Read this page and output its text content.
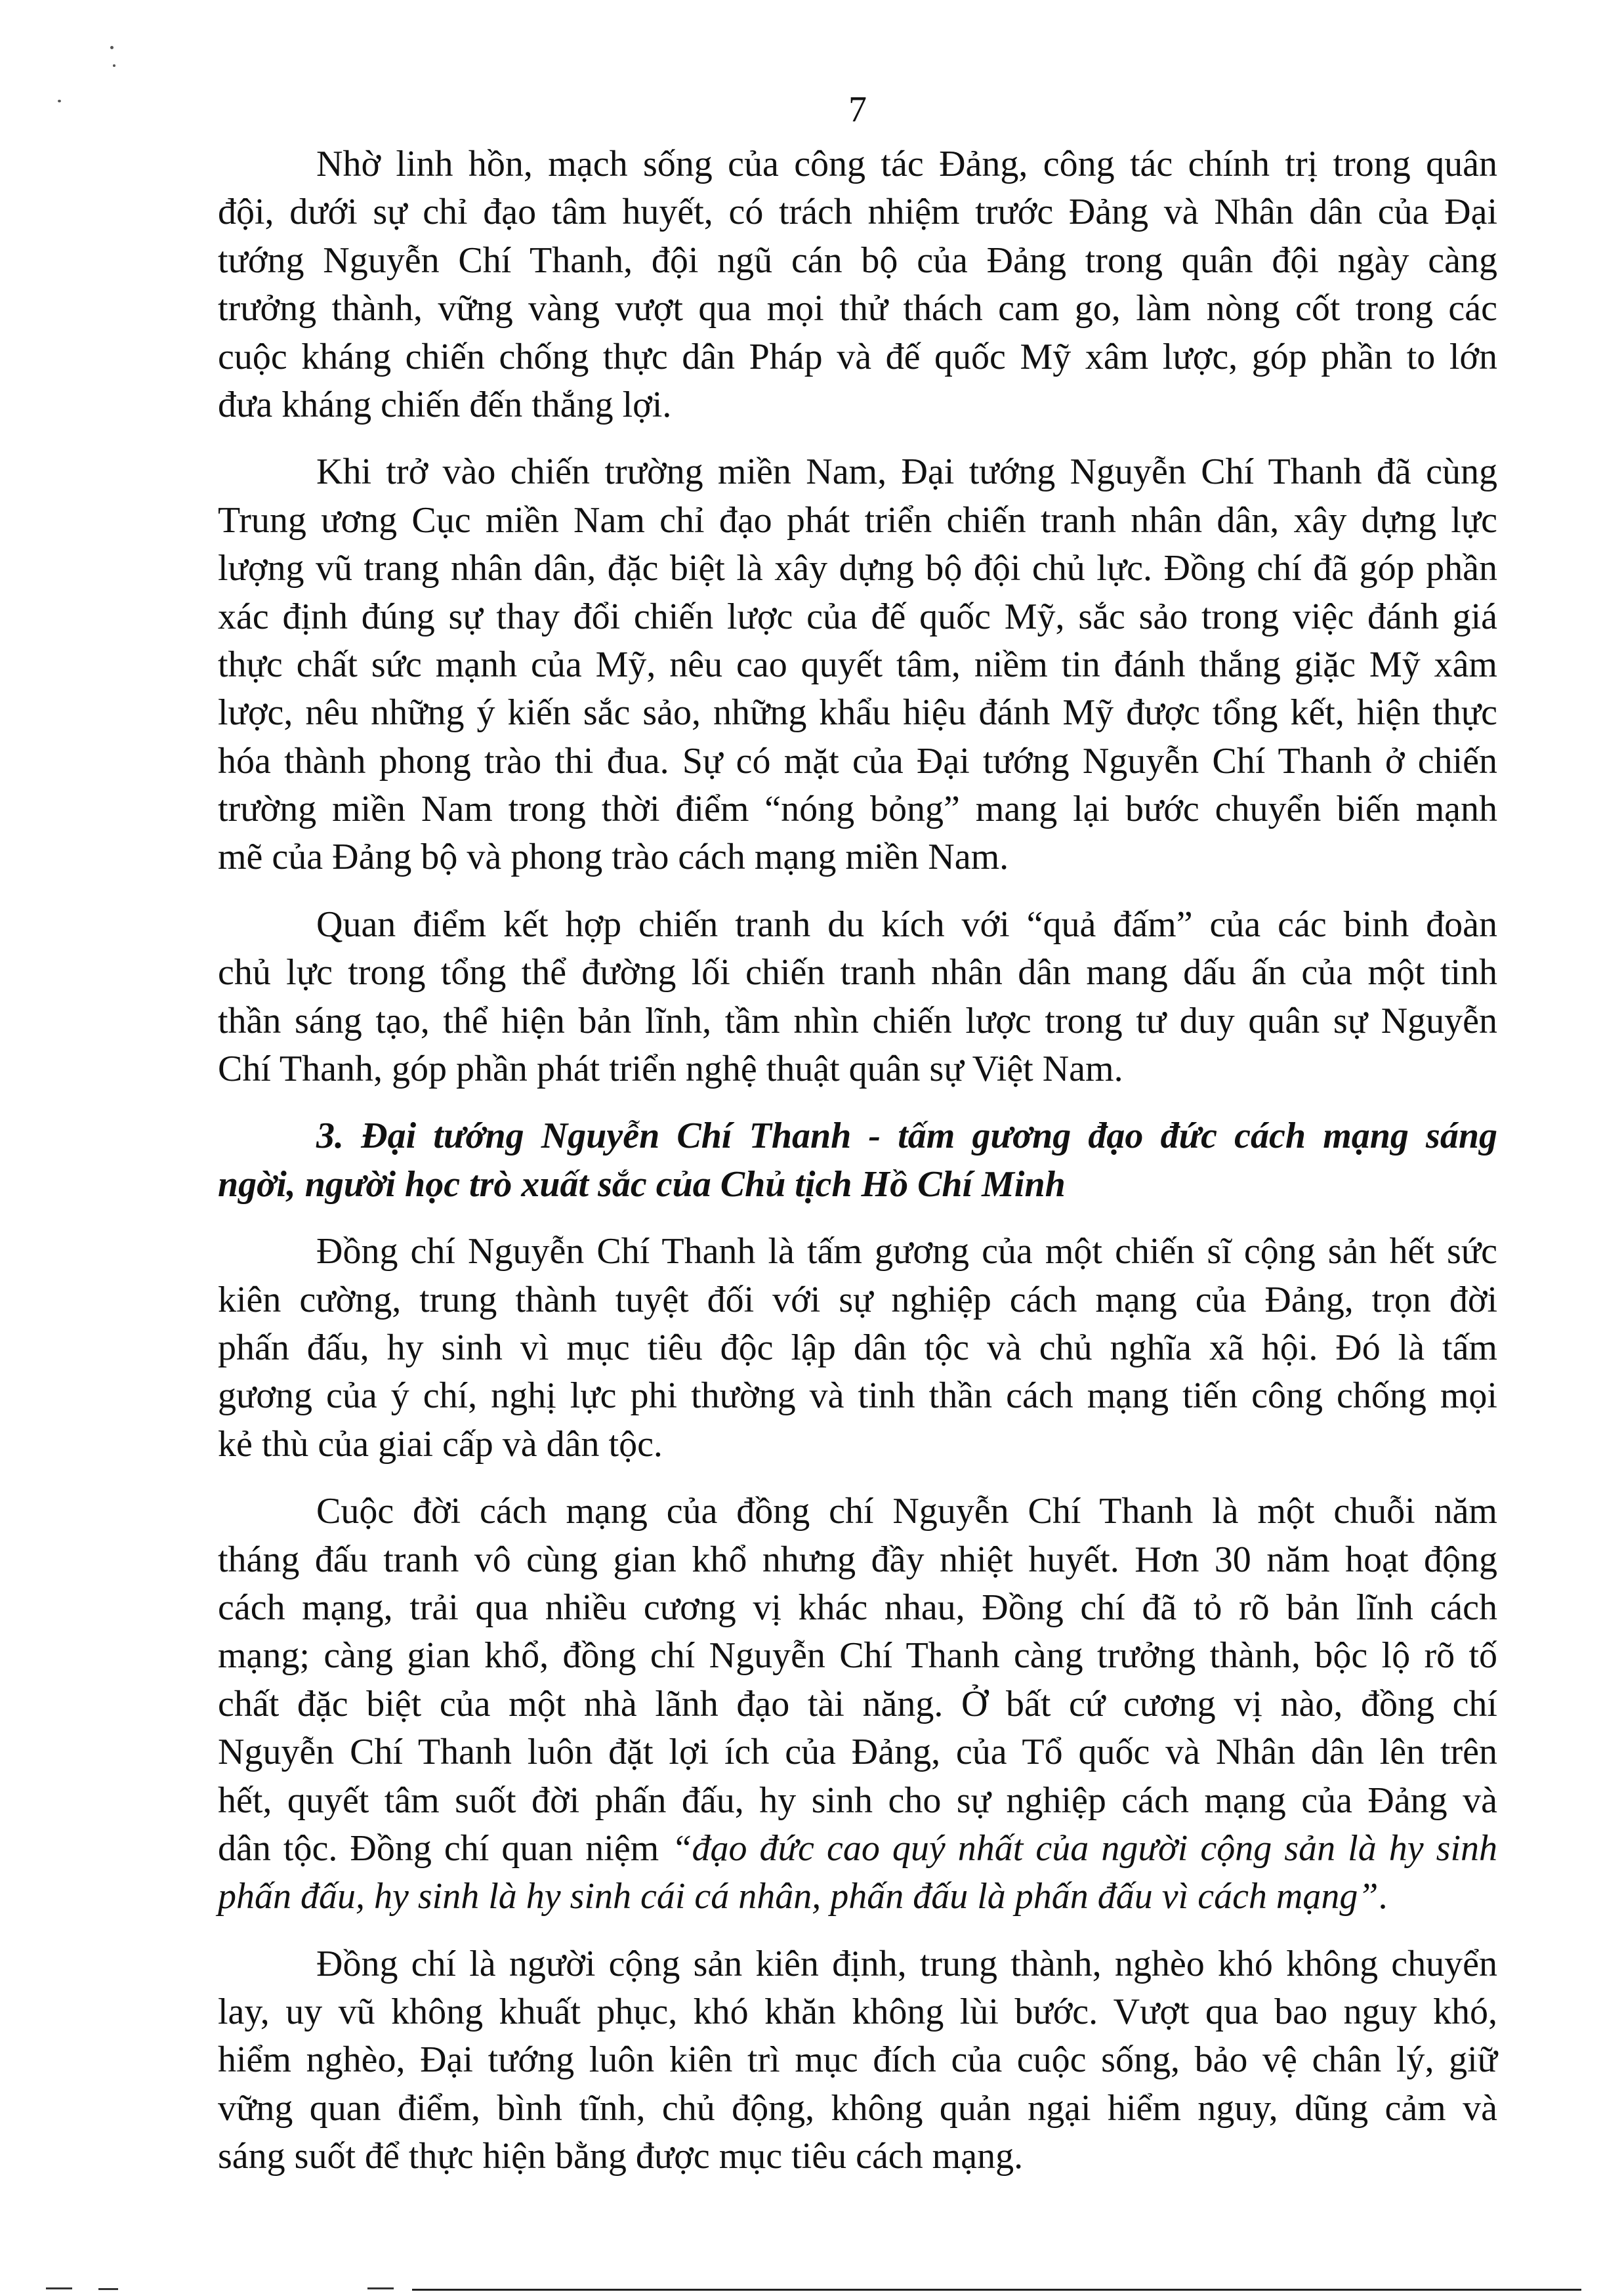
7
Nhờ linh hồn, mạch sống của công tác Đảng, công tác chính trị trong quân
đội, dưới sự chỉ đạo tâm huyết, có trách nhiệm trước Đảng và Nhân dân của Đại
tướng Nguyễn Chí Thanh, đội ngũ cán bộ của Đảng trong quân đội ngày càng
trưởng thành, vững vàng vượt qua mọi thử thách cam go, làm nòng cốt trong các
cuộc kháng chiến chống thực dân Pháp và đế quốc Mỹ xâm lược, góp phần to lớn
đưa kháng chiến đến thắng lợi.
Khi trở vào chiến trường miền Nam, Đại tướng Nguyễn Chí Thanh đã cùng
Trung ương Cục miền Nam chỉ đạo phát triển chiến tranh nhân dân, xây dựng lực
lượng vũ trang nhân dân, đặc biệt là xây dựng bộ đội chủ lực. Đồng chí đã góp phần
xác định đúng sự thay đổi chiến lược của đế quốc Mỹ, sắc sảo trong việc đánh giá
thực chất sức mạnh của Mỹ, nêu cao quyết tâm, niềm tin đánh thắng giặc Mỹ xâm
lược, nêu những ý kiến sắc sảo, những khẩu hiệu đánh Mỹ được tổng kết, hiện thực
hóa thành phong trào thi đua. Sự có mặt của Đại tướng Nguyễn Chí Thanh ở chiến
trường miền Nam trong thời điểm “nóng bỏng” mang lại bước chuyển biến mạnh
mẽ của Đảng bộ và phong trào cách mạng miền Nam.
Quan điểm kết hợp chiến tranh du kích với “quả đấm” của các binh đoàn
chủ lực trong tổng thể đường lối chiến tranh nhân dân mang dấu ấn của một tinh
thần sáng tạo, thể hiện bản lĩnh, tầm nhìn chiến lược trong tư duy quân sự Nguyễn
Chí Thanh, góp phần phát triển nghệ thuật quân sự Việt Nam.
3. Đại tướng Nguyễn Chí Thanh - tấm gương đạo đức cách mạng sáng
ngời, người học trò xuất sắc của Chủ tịch Hồ Chí Minh
Đồng chí Nguyễn Chí Thanh là tấm gương của một chiến sĩ cộng sản hết sức
kiên cường, trung thành tuyệt đối với sự nghiệp cách mạng của Đảng, trọn đời
phấn đấu, hy sinh vì mục tiêu độc lập dân tộc và chủ nghĩa xã hội. Đó là tấm
gương của ý chí, nghị lực phi thường và tinh thần cách mạng tiến công chống mọi
kẻ thù của giai cấp và dân tộc.
Cuộc đời cách mạng của đồng chí Nguyễn Chí Thanh là một chuỗi năm
tháng đấu tranh vô cùng gian khổ nhưng đầy nhiệt huyết. Hơn 30 năm hoạt động
cách mạng, trải qua nhiều cương vị khác nhau, Đồng chí đã tỏ rõ bản lĩnh cách
mạng; càng gian khổ, đồng chí Nguyễn Chí Thanh càng trưởng thành, bộc lộ rõ tố
chất đặc biệt của một nhà lãnh đạo tài năng. Ở bất cứ cương vị nào, đồng chí
Nguyễn Chí Thanh luôn đặt lợi ích của Đảng, của Tổ quốc và Nhân dân lên trên
hết, quyết tâm suốt đời phấn đấu, hy sinh cho sự nghiệp cách mạng của Đảng và
dân tộc. Đồng chí quan niệm “đạo đức cao quý nhất của người cộng sản là hy sinh
phấn đấu, hy sinh là hy sinh cái cá nhân, phấn đấu là phấn đấu vì cách mạng”.
Đồng chí là người cộng sản kiên định, trung thành, nghèo khó không chuyển
lay, uy vũ không khuất phục, khó khăn không lùi bước. Vượt qua bao nguy khó,
hiểm nghèo, Đại tướng luôn kiên trì mục đích của cuộc sống, bảo vệ chân lý, giữ
vững quan điểm, bình tĩnh, chủ động, không quản ngại hiểm nguy, dũng cảm và
sáng suốt để thực hiện bằng được mục tiêu cách mạng.
